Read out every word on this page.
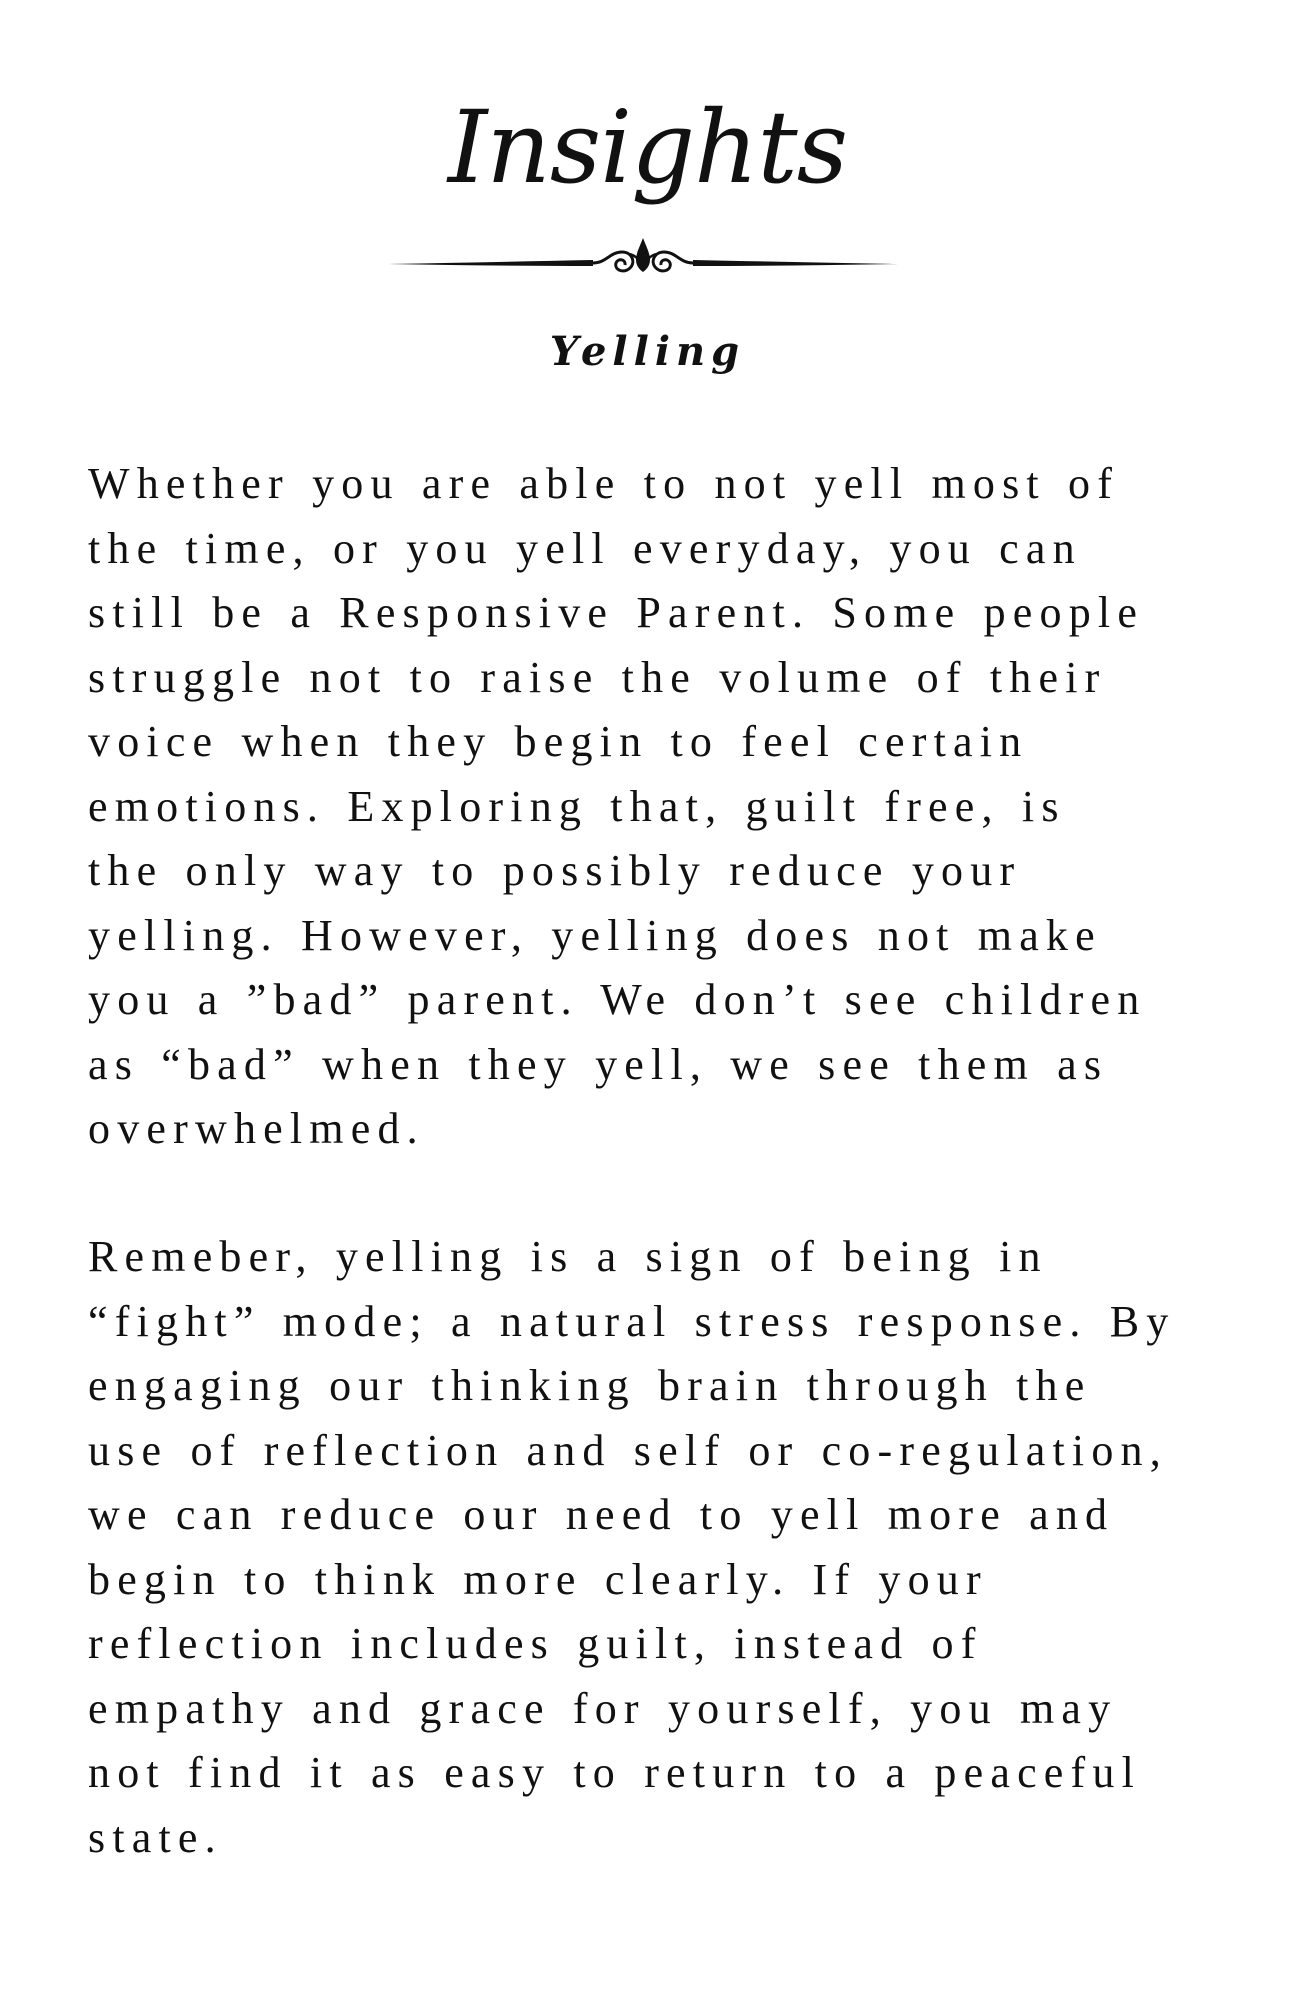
Insights
Yelling

Whether you are able to not yell most of
the time, or you yell everyday, you can
still be a Responsive Parent. Some people
struggle not to raise the volume of their
voice when they begin to feel certain
emotions. Exploring that, guilt free, is
the only way to possibly reduce your
yelling. However, yelling does not make
you a ”bad” parent. We don’t see children
as “bad” when they yell, we see them as
overwhelmed.

Remeber, yelling is a sign of being in
“fight” mode; a natural stress response. By
engaging our thinking brain through the
use of reflection and self or co-regulation,
we can reduce our need to yell more and
begin to think more clearly. If your
reflection includes guilt, instead of
empathy and grace for yourself, you may
not find it as easy to return to a peaceful
state.
